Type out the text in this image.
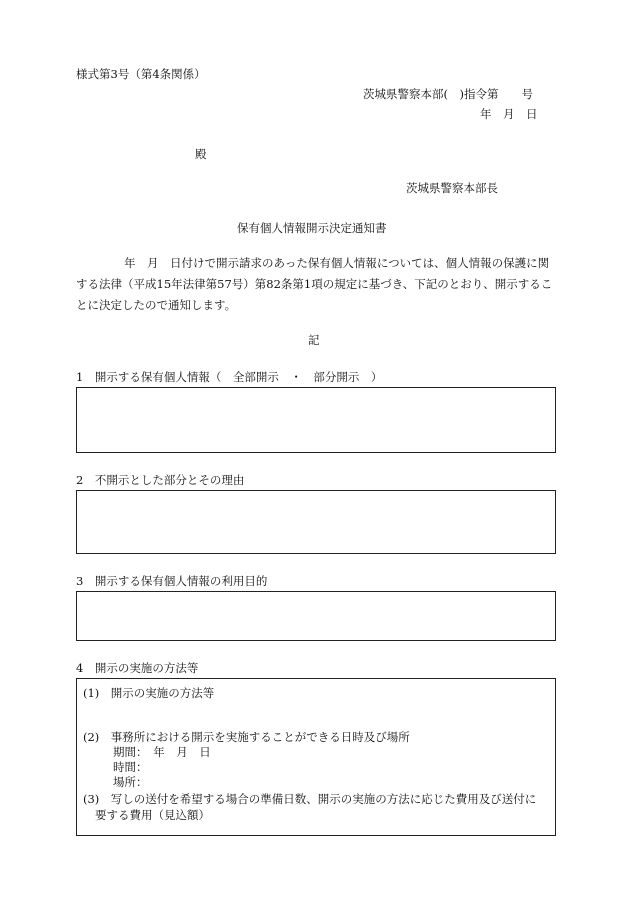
様式第3号（第4条関係）
茨城県警察本部(　)指令第　　号
年　月　日
殿
茨城県警察本部長
保有個人情報開示決定通知書
年　月　日付けで開示請求のあった保有個人情報については、個人情報の保護に関する法律（平成15年法律第57号）第82条第1項の規定に基づき、下記のとおり、開示することに決定したので通知します。
記
1　開示する保有個人情報（　全部開示　・　部分開示　）
2　不開示とした部分とその理由
3　開示する保有個人情報の利用目的
4　開示の実施の方法等
(1)　開示の実施の方法等
(2)　事務所における開示を実施することができる日時及び場所
期間：　年　月　日
時間：
場所：
(3)　写しの送付を希望する場合の準備日数、開示の実施の方法に応じた費用及び送付に
要する費用（見込額）
